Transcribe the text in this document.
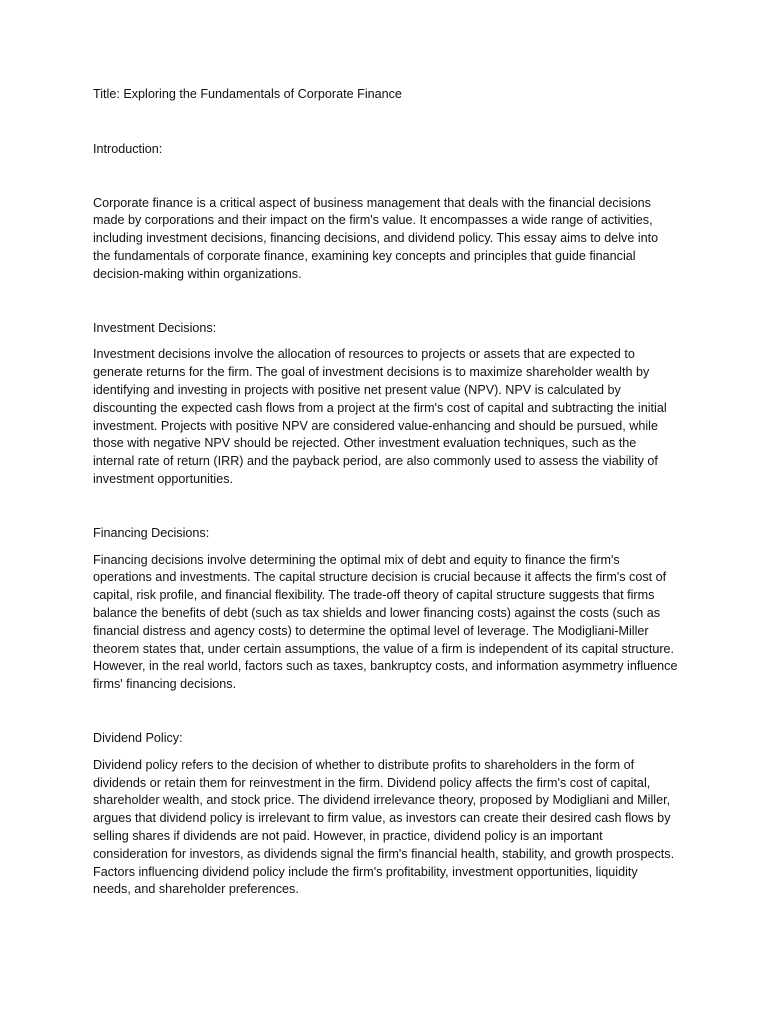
Title: Exploring the Fundamentals of Corporate Finance

Introduction:

Corporate finance is a critical aspect of business management that deals with the financial decisions made by corporations and their impact on the firm's value. It encompasses a wide range of activities, including investment decisions, financing decisions, and dividend policy. This essay aims to delve into the fundamentals of corporate finance, examining key concepts and principles that guide financial decision-making within organizations.

Investment Decisions:

Investment decisions involve the allocation of resources to projects or assets that are expected to generate returns for the firm. The goal of investment decisions is to maximize shareholder wealth by identifying and investing in projects with positive net present value (NPV). NPV is calculated by discounting the expected cash flows from a project at the firm's cost of capital and subtracting the initial investment. Projects with positive NPV are considered value-enhancing and should be pursued, while those with negative NPV should be rejected. Other investment evaluation techniques, such as the internal rate of return (IRR) and the payback period, are also commonly used to assess the viability of investment opportunities.

Financing Decisions:

Financing decisions involve determining the optimal mix of debt and equity to finance the firm's operations and investments. The capital structure decision is crucial because it affects the firm's cost of capital, risk profile, and financial flexibility. The trade-off theory of capital structure suggests that firms balance the benefits of debt (such as tax shields and lower financing costs) against the costs (such as financial distress and agency costs) to determine the optimal level of leverage. The Modigliani-Miller theorem states that, under certain assumptions, the value of a firm is independent of its capital structure. However, in the real world, factors such as taxes, bankruptcy costs, and information asymmetry influence firms' financing decisions.

Dividend Policy:

Dividend policy refers to the decision of whether to distribute profits to shareholders in the form of dividends or retain them for reinvestment in the firm. Dividend policy affects the firm's cost of capital, shareholder wealth, and stock price. The dividend irrelevance theory, proposed by Modigliani and Miller, argues that dividend policy is irrelevant to firm value, as investors can create their desired cash flows by selling shares if dividends are not paid. However, in practice, dividend policy is an important consideration for investors, as dividends signal the firm's financial health, stability, and growth prospects. Factors influencing dividend policy include the firm's profitability, investment opportunities, liquidity needs, and shareholder preferences.
